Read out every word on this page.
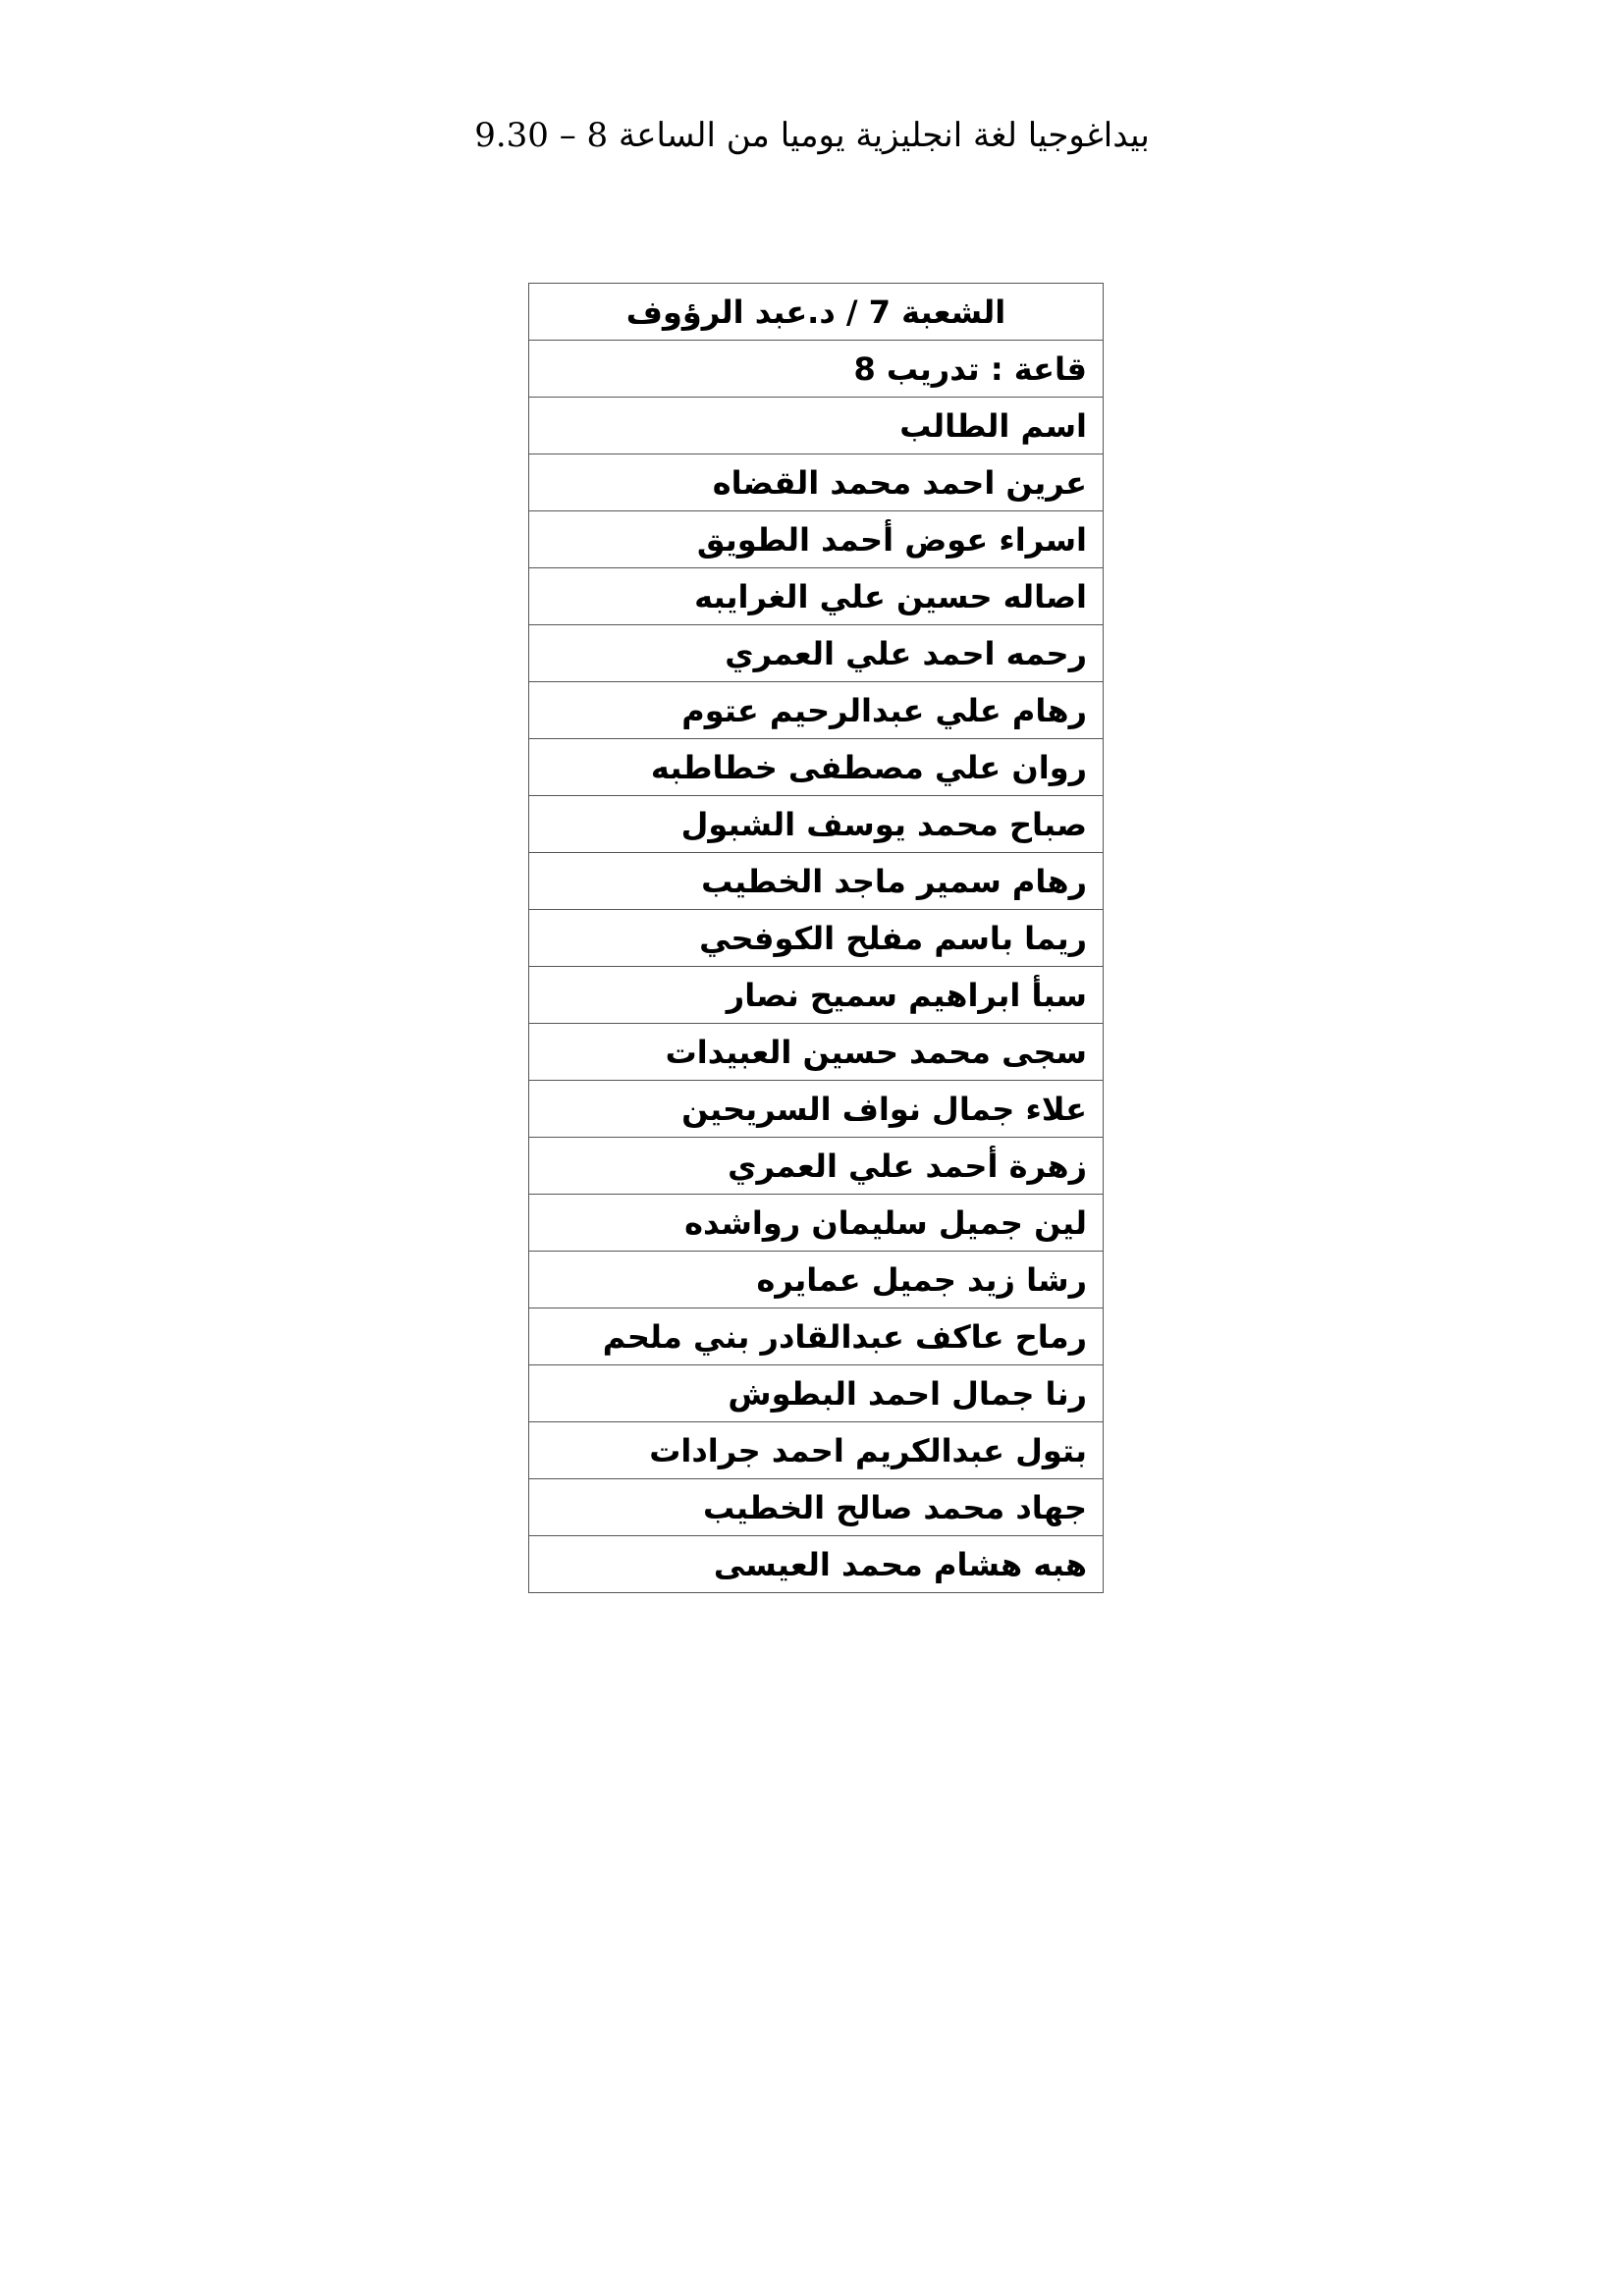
بيداغوجيا لغة انجليزية يوميا من الساعة 8 – 9.30
الشعبة 7 / د.عبد الرؤوف
قاعة : تدريب 8
اسم الطالب
عرين احمد محمد القضاه
اسراء عوض أحمد الطويق
اصاله حسين علي الغرايبه
رحمه احمد علي العمري
رهام علي عبدالرحيم عتوم
روان علي مصطفى خطاطبه
صباح محمد يوسف الشبول
رهام سمير ماجد الخطيب
ريما باسم مفلح الكوفحي
سبأ ابراهيم سميح نصار
سجى محمد حسين العبيدات
علاء جمال نواف السريحين
زهرة أحمد علي العمري
لين جميل سليمان رواشده
رشا زيد جميل عمايره
رماح عاكف عبدالقادر بني ملحم
رنا جمال احمد البطوش
بتول عبدالكريم احمد جرادات
جهاد محمد صالح الخطيب
هبه هشام محمد العيسى
